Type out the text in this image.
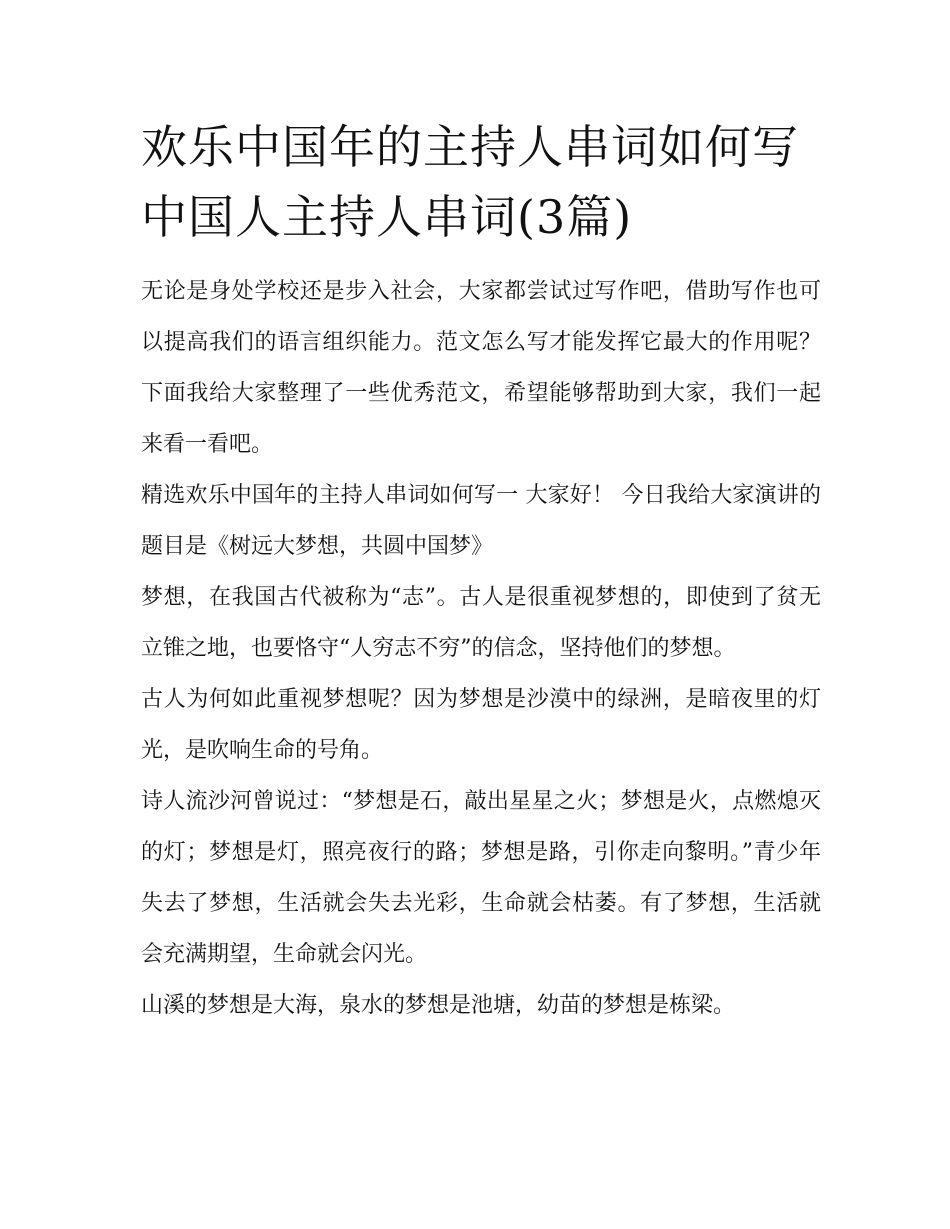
欢乐中国年的主持人串词如何写 中国人主持人串词(3篇)

无论是身处学校还是步入社会，大家都尝试过写作吧，借助写作也可以提高我们的语言组织能力。范文怎么写才能发挥它最大的作用呢？下面我给大家整理了一些优秀范文，希望能够帮助到大家，我们一起来看一看吧。

精选欢乐中国年的主持人串词如何写一 大家好！ 今日我给大家演讲的题目是《树远大梦想，共圆中国梦》

梦想，在我国古代被称为“志”。古人是很重视梦想的，即使到了贫无立锥之地，也要恪守“人穷志不穷”的信念，坚持他们的梦想。

古人为何如此重视梦想呢？因为梦想是沙漠中的绿洲，是暗夜里的灯光，是吹响生命的号角。

诗人流沙河曾说过：“梦想是石，敲出星星之火；梦想是火，点燃熄灭的灯；梦想是灯，照亮夜行的路；梦想是路，引你走向黎明。”青少年失去了梦想，生活就会失去光彩，生命就会枯萎。有了梦想，生活就会充满期望，生命就会闪光。

山溪的梦想是大海，泉水的梦想是池塘，幼苗的梦想是栋梁。
